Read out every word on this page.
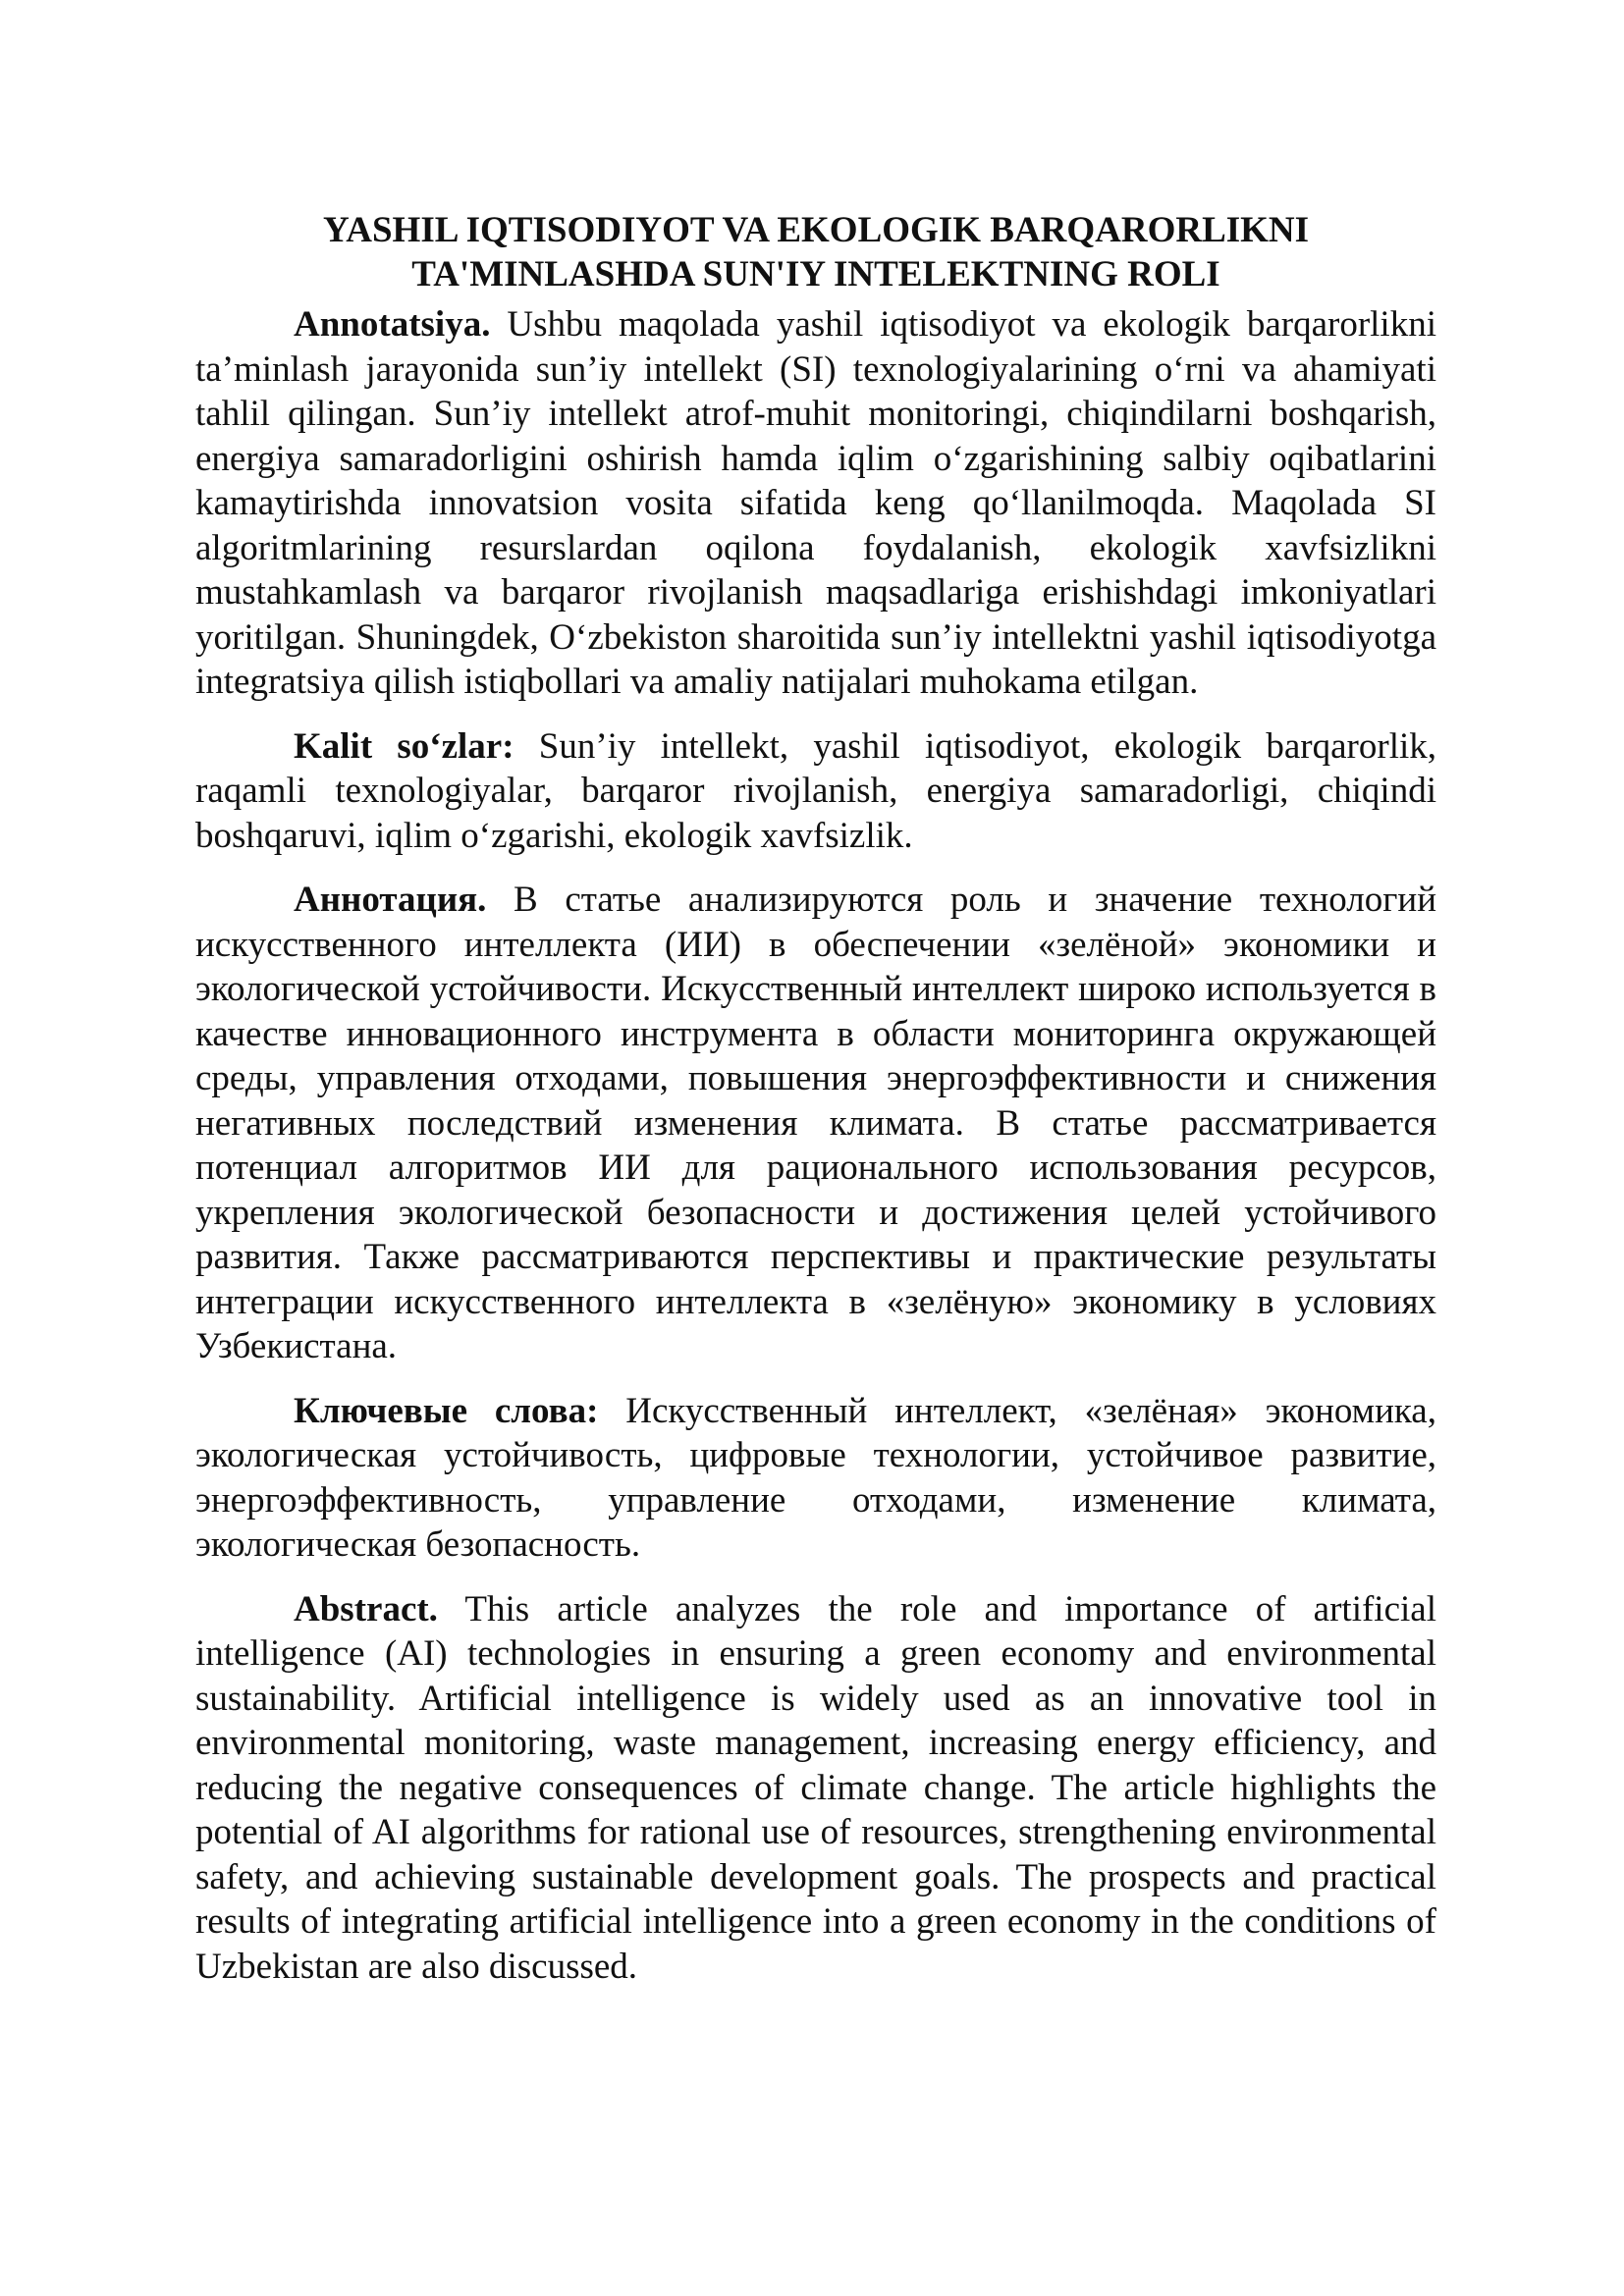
YASHIL IQTISODIYOT VA EKOLOGIK BARQARORLIKNI
TA'MINLASHDA SUN'IY INTELEKTNING ROLI

Annotatsiya. Ushbu maqolada yashil iqtisodiyot va ekologik barqarorlikni ta’minlash jarayonida sun’iy intellekt (SI) texnologiyalarining o‘rni va ahamiyati tahlil qilingan. Sun’iy intellekt atrof-muhit monitoringi, chiqindilarni boshqarish, energiya samaradorligini oshirish hamda iqlim o‘zgarishining salbiy oqibatlarini kamaytirishda innovatsion vosita sifatida keng qo‘llanilmoqda. Maqolada SI algoritmlarining resurslardan oqilona foydalanish, ekologik xavfsizlikni mustahkamlash va barqaror rivojlanish maqsadlariga erishishdagi imkoniyatlari yoritilgan. Shuningdek, O‘zbekiston sharoitida sun’iy intellektni yashil iqtisodiyotga integratsiya qilish istiqbollari va amaliy natijalari muhokama etilgan.

Kalit so‘zlar: Sun’iy intellekt, yashil iqtisodiyot, ekologik barqarorlik, raqamli texnologiyalar, barqaror rivojlanish, energiya samaradorligi, chiqindi boshqaruvi, iqlim o‘zgarishi, ekologik xavfsizlik.

Аннотация. В статье анализируются роль и значение технологий искусственного интеллекта (ИИ) в обеспечении «зелёной» экономики и экологической устойчивости. Искусственный интеллект широко используется в качестве инновационного инструмента в области мониторинга окружающей среды, управления отходами, повышения энергоэффективности и снижения негативных последствий изменения климата. В статье рассматривается потенциал алгоритмов ИИ для рационального использования ресурсов, укрепления экологической безопасности и достижения целей устойчивого развития. Также рассматриваются перспективы и практические результаты интеграции искусственного интеллекта в «зелёную» экономику в условиях Узбекистана.

Ключевые слова: Искусственный интеллект, «зелёная» экономика, экологическая устойчивость, цифровые технологии, устойчивое развитие, энергоэффективность, управление отходами, изменение климата, экологическая безопасность.

Abstract. This article analyzes the role and importance of artificial intelligence (AI) technologies in ensuring a green economy and environmental sustainability. Artificial intelligence is widely used as an innovative tool in environmental monitoring, waste management, increasing energy efficiency, and reducing the negative consequences of climate change. The article highlights the potential of AI algorithms for rational use of resources, strengthening environmental safety, and achieving sustainable development goals. The prospects and practical results of integrating artificial intelligence into a green economy in the conditions of Uzbekistan are also discussed.
